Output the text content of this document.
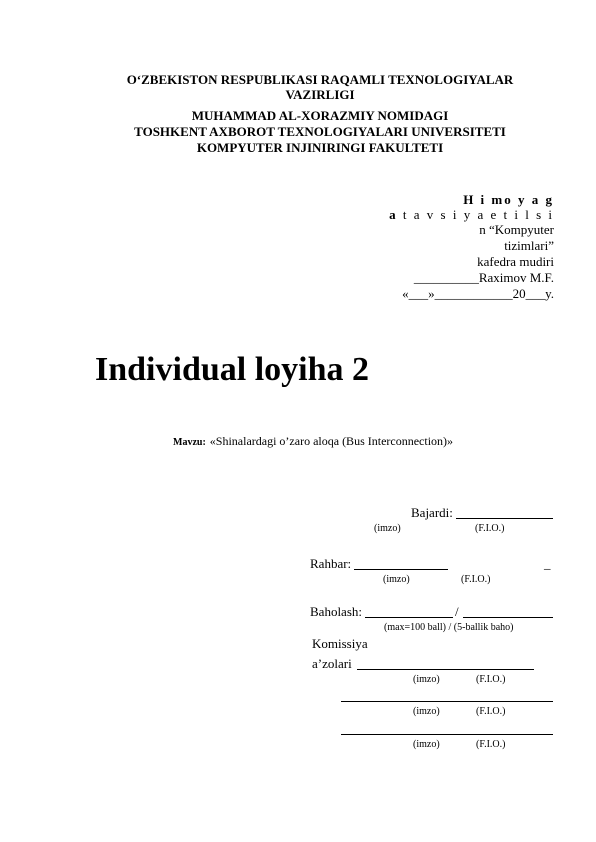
O‘ZBEKISTON RESPUBLIKASI RAQAMLI TEXNOLOGIYALAR
VAZIRLIGI
MUHAMMAD AL-XORAZMIY NOMIDAGI
TOSHKENT AXBOROT TEXNOLOGIYALARI UNIVERSITETI
KOMPYUTER INJINIRINGI FAKULTETI
H i mo y a g
a t a v s i y a e t i l s i
n “Kompyuter
tizimlari”
kafedra mudiri
__________Raximov M.F.
«___»____________20___y.
Individual loyiha 2
Mavzu: «Shinalardagi o’zaro aloqa (Bus Interconnection)»
Bajardi:
(imzo)	(F.I.O.)
Rahbar:	_
(imzo)	(F.I.O.)
Baholash:	/
(max=100 ball) / (5-ballik baho)
Komissiya
a’zolari
(imzo)	(F.I.O.)
(imzo)	(F.I.O.)
(imzo)	(F.I.O.)
